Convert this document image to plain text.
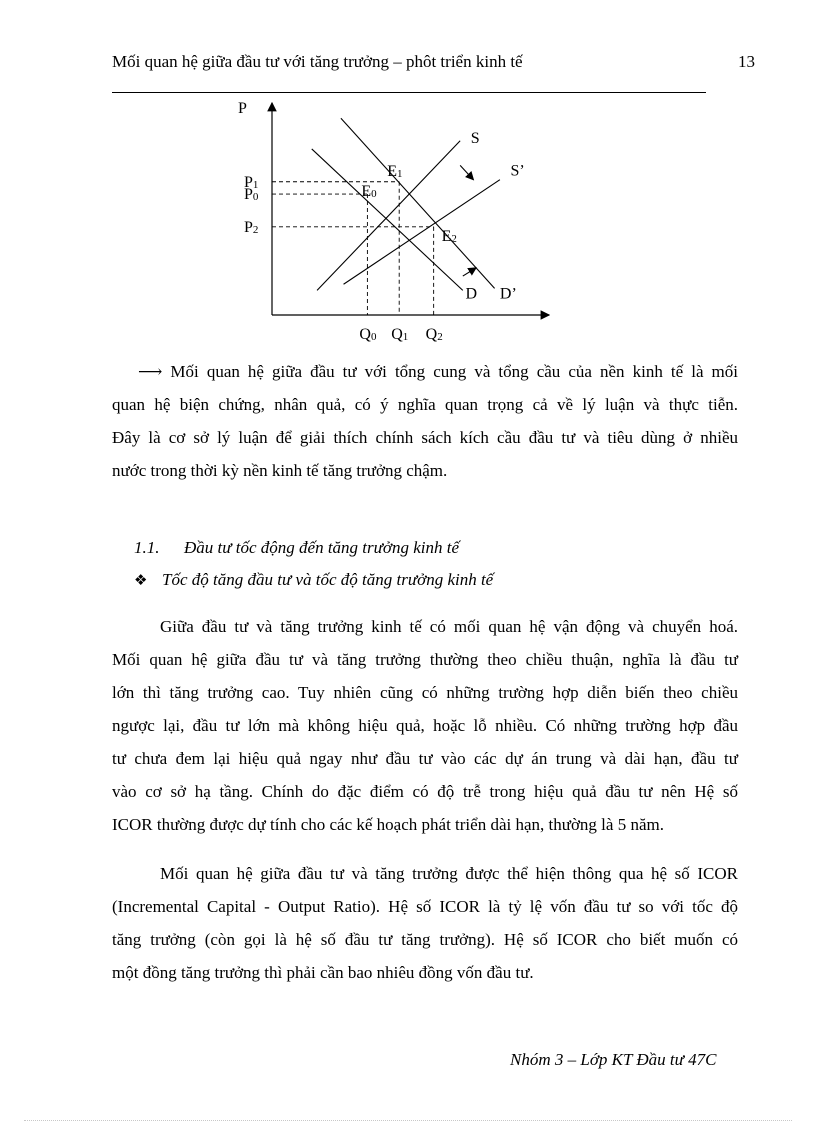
Mối quan hệ giữa đầu tư với tăng trưởng – phôt triển kinh tế	13
P
S
S’
D D’
P1
P0
P2
Q0 Q1 Q2
E0
E1
E2
⟶ Mối quan hệ giữa đầu tư với tổng cung và tổng cầu của nền kinh tế là mối
quan hệ biện chứng, nhân quả, có ý nghĩa quan trọng cả về lý luận và thực tiễn.
Đây là cơ sở lý luận để giải thích chính sách kích cầu đầu tư và tiêu dùng ở nhiều
nước trong thời kỳ nền kinh tế tăng trưởng chậm.
1.1. Đầu tư tốc động đến tăng trưởng kinh tế
❖ Tốc độ tăng đầu tư và tốc độ tăng trưởng kinh tế
Giữa đầu tư và tăng trưởng kinh tế có mối quan hệ vận động và chuyển hoá.
Mối quan hệ giữa đầu tư và tăng trưởng thường theo chiều thuận, nghĩa là đầu tư
lớn thì tăng trưởng cao. Tuy nhiên cũng có những trường hợp diễn biến theo chiều
ngược lại, đầu tư lớn mà không hiệu quả, hoặc lỗ nhiều. Có những trường hợp đầu
tư chưa đem lại hiệu quả ngay như đầu tư vào các dự án trung và dài hạn, đầu tư
vào cơ sở hạ tầng. Chính do đặc điểm có độ trễ trong hiệu quả đầu tư nên Hệ số
ICOR thường được dự tính cho các kế hoạch phát triển dài hạn, thường là 5 năm.
Mối quan hệ giữa đầu tư và tăng trưởng được thể hiện thông qua hệ số ICOR
(Incremental Capital - Output Ratio). Hệ số ICOR là tỷ lệ vốn đầu tư so với tốc độ
tăng trưởng (còn gọi là hệ số đầu tư tăng trưởng). Hệ số ICOR cho biết muốn có
một đồng tăng trưởng thì phải cần bao nhiêu đồng vốn đầu tư.
Nhóm 3 – Lớp KT Đầu tư 47C
